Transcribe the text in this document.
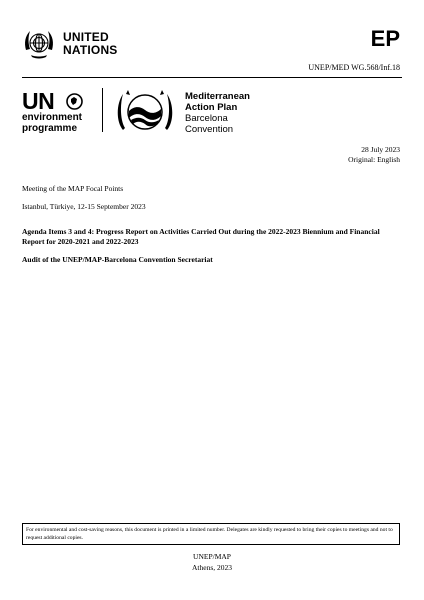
UNITED
NATIONS	EP
UNEP/MED WG.568/Inf.18
UN
environment
programme
Mediterranean
Action Plan
Barcelona
Convention
28 July 2023
Original: English
Meeting of the MAP Focal Points
Istanbul, Türkiye, 12-15 September 2023
Agenda Items 3 and 4: Progress Report on Activities Carried Out during the 2022-2023 Biennium and Financial Report for 2020-2021 and 2022-2023
Audit of the UNEP/MAP-Barcelona Convention Secretariat
For environmental and cost-saving reasons, this document is printed in a limited number. Delegates are kindly requested to bring their copies to meetings and not to request additional copies.
UNEP/MAP
Athens, 2023
